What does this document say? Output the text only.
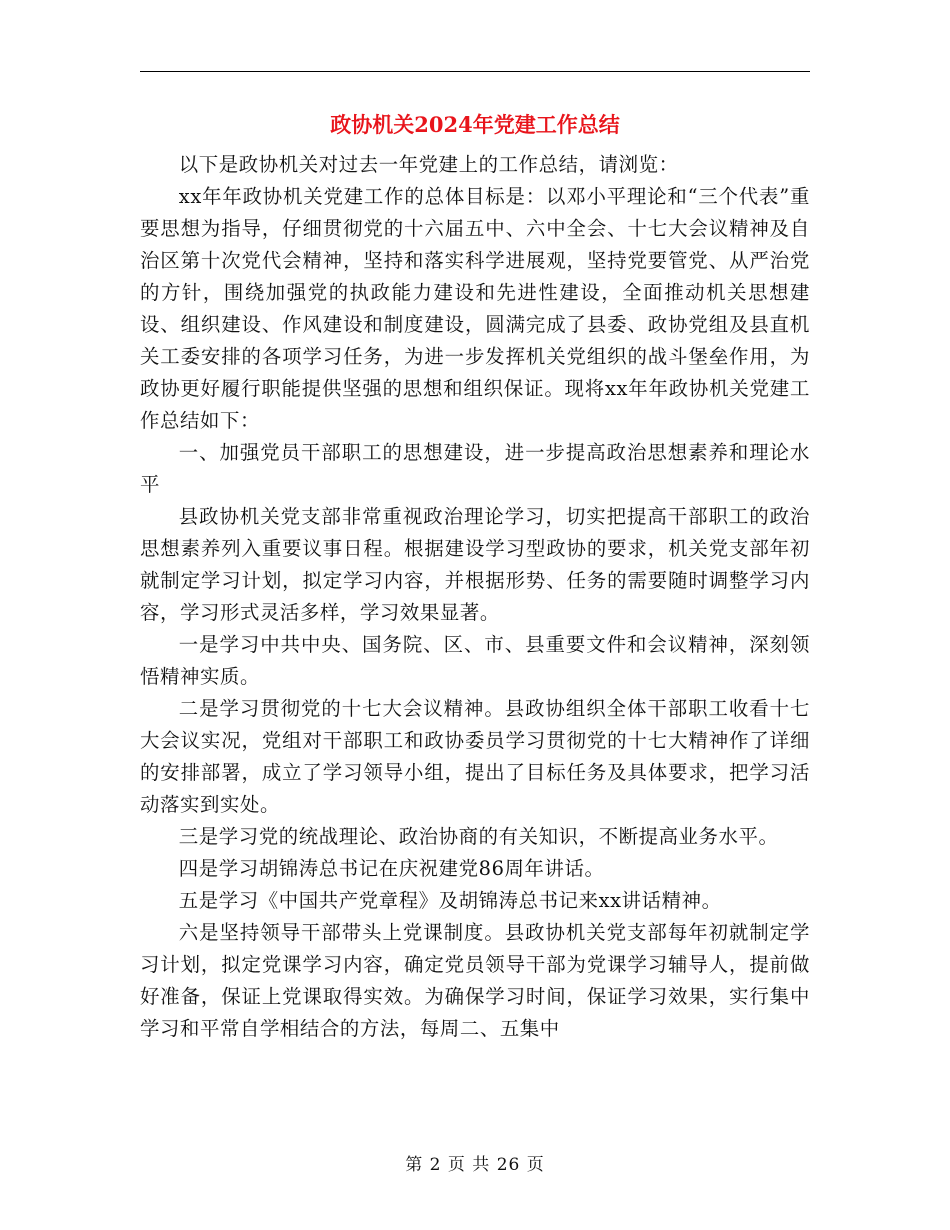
政协机关2024年党建工作总结

以下是政协机关对过去一年党建上的工作总结，请浏览：

xx年年政协机关党建工作的总体目标是：以邓小平理论和“三个代表”重要思想为指导，仔细贯彻党的十六届五中、六中全会、十七大会议精神及自治区第十次党代会精神，坚持和落实科学进展观，坚持党要管党、从严治党的方针，围绕加强党的执政能力建设和先进性建设，全面推动机关思想建设、组织建设、作风建设和制度建设，圆满完成了县委、政协党组及县直机关工委安排的各项学习任务，为进一步发挥机关党组织的战斗堡垒作用，为政协更好履行职能提供坚强的思想和组织保证。现将xx年年政协机关党建工作总结如下：

一、加强党员干部职工的思想建设，进一步提高政治思想素养和理论水平

县政协机关党支部非常重视政治理论学习，切实把提高干部职工的政治思想素养列入重要议事日程。根据建设学习型政协的要求，机关党支部年初就制定学习计划，拟定学习内容，并根据形势、任务的需要随时调整学习内容，学习形式灵活多样，学习效果显著。

一是学习中共中央、国务院、区、市、县重要文件和会议精神，深刻领悟精神实质。

二是学习贯彻党的十七大会议精神。县政协组织全体干部职工收看十七大会议实况，党组对干部职工和政协委员学习贯彻党的十七大精神作了详细的安排部署，成立了学习领导小组，提出了目标任务及具体要求，把学习活动落实到实处。

三是学习党的统战理论、政治协商的有关知识，不断提高业务水平。

四是学习胡锦涛总书记在庆祝建党86周年讲话。

五是学习《中国共产党章程》及胡锦涛总书记来xx讲话精神。

六是坚持领导干部带头上党课制度。县政协机关党支部每年初就制定学习计划，拟定党课学习内容，确定党员领导干部为党课学习辅导人，提前做好准备，保证上党课取得实效。为确保学习时间，保证学习效果，实行集中学习和平常自学相结合的方法，每周二、五集中

第 2 页 共 26 页
